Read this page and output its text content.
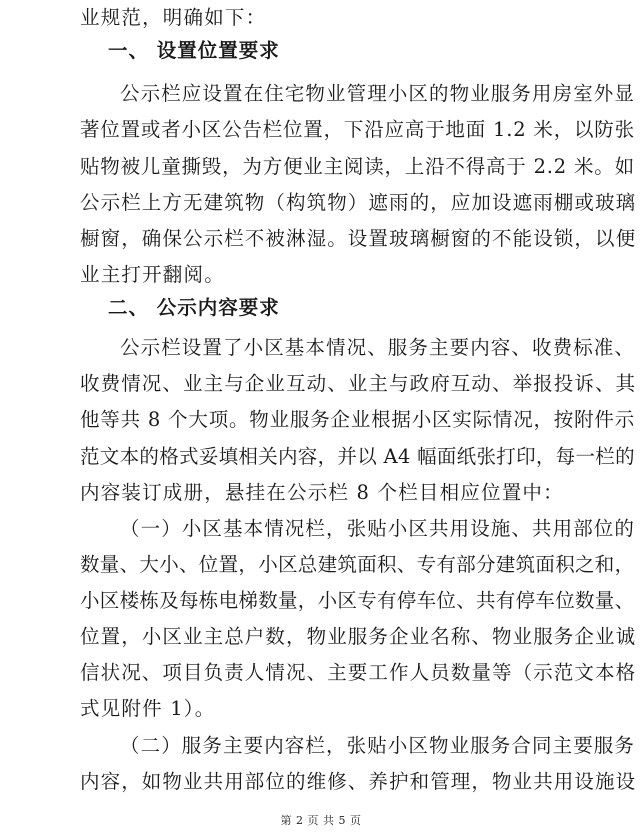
业规范，明确如下：
一、 设置位置要求
公示栏应设置在住宅物业管理小区的物业服务用房室外显
著位置或者小区公告栏位置，下沿应高于地面 1.2 米，以防张
贴物被儿童撕毁，为方便业主阅读，上沿不得高于 2.2 米。如
公示栏上方无建筑物（构筑物）遮雨的，应加设遮雨棚或玻璃
橱窗，确保公示栏不被淋湿。设置玻璃橱窗的不能设锁，以便
业主打开翻阅。
二、 公示内容要求
公示栏设置了小区基本情况、服务主要内容、收费标准、
收费情况、业主与企业互动、业主与政府互动、举报投诉、其
他等共 8 个大项。物业服务企业根据小区实际情况，按附件示
范文本的格式妥填相关内容，并以 A4 幅面纸张打印，每一栏的
内容装订成册，悬挂在公示栏 8 个栏目相应位置中：
（一）小区基本情况栏，张贴小区共用设施、共用部位的
数量、大小、位置，小区总建筑面积、专有部分建筑面积之和，
小区楼栋及每栋电梯数量，小区专有停车位、共有停车位数量、
位置，小区业主总户数，物业服务企业名称、物业服务企业诚
信状况、项目负责人情况、主要工作人员数量等（示范文本格
式见附件 1）。
（二）服务主要内容栏，张贴小区物业服务合同主要服务
内容，如物业共用部位的维修、养护和管理，物业共用设施设
第 2 页 共 5 页
